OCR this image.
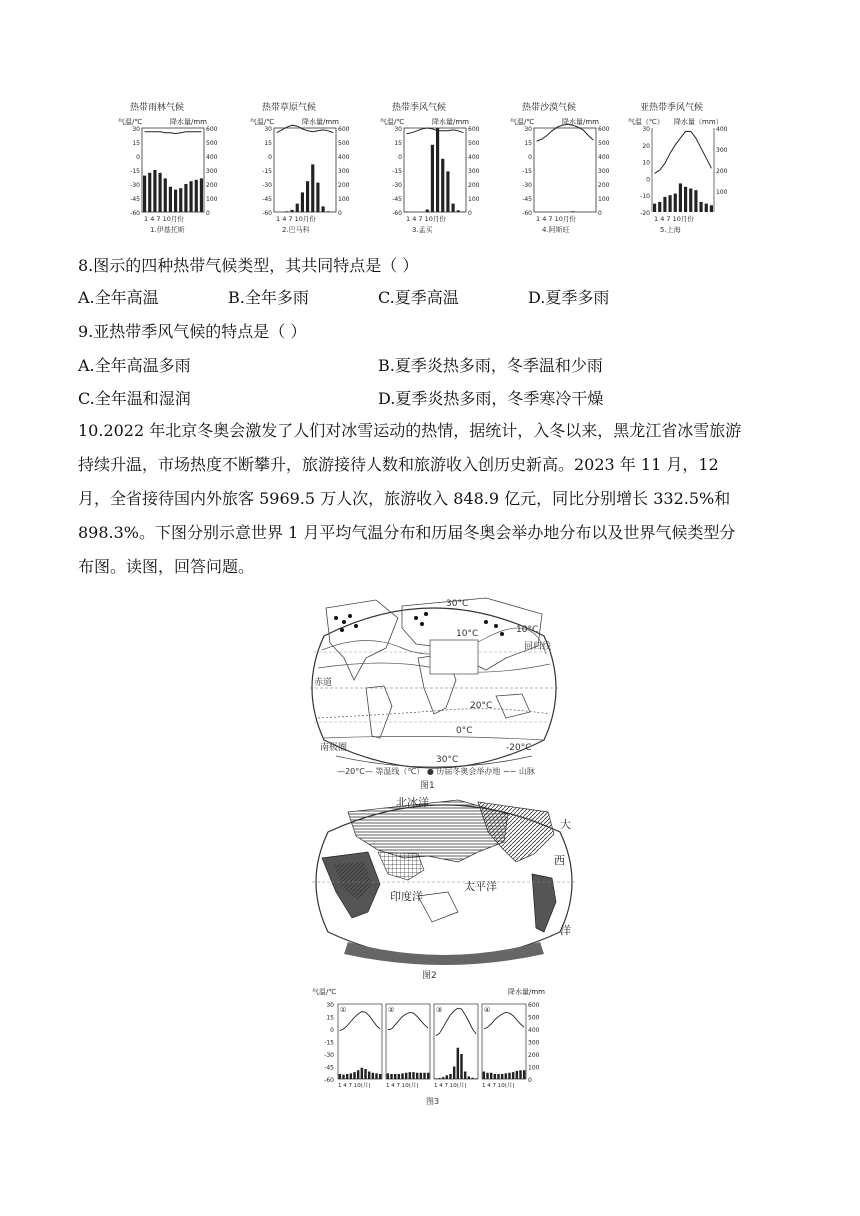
热带雨林气候
气温/℃	降水量/mm
30
15
0
-15
-30
-45
-60
600
500
400
300
200
100
0
1 4 7 10月份
1.伊基托斯
热带草原气候
气温/℃	降水量/mm
30
15
0
-15
-30
-45
-60
600
500
400
300
200
100
0
1 4 7 10月份
2.巴马科
热带季风气候
气温/℃	降水量/mm
30
15
0
-15
-30
-45
-60
600
500
400
300
200
100
0
1 4 7 10月份
3.孟买
热带沙漠气候
气温/℃	降水量/mm
30
15
0
-15
-30
-45
-60
600
500
400
300
200
100
0
1 4 7 10月份
4.阿斯旺
亚热带季风气候
气温（℃） 降水量（mm）
30
20
10
0
-10
-20
400
300
200
100
1 4 7 10月份
5.上海
8.图示的四种热带气候类型，其共同特点是（ ）
A.全年高温	B.全年多雨	C.夏季高温	D.夏季多雨
9.亚热带季风气候的特点是（ ）
A.全年高温多雨	B.夏季炎热多雨，冬季温和少雨
C.全年温和湿润	D.夏季炎热多雨，冬季寒冷干燥

10.2022 年北京冬奥会激发了人们对冰雪运动的热情，据统计，入冬以来，黑龙江省冰雪旅游

持续升温，市场热度不断攀升，旅游接待人数和旅游收入创历史新高。2023 年 11 月，12

月，全省接待国内外旅客 5969.5 万人次，旅游收入 848.9 亿元，同比分别增长 332.5%和

898.3%。下图分别示意世界 1 月平均气温分布和历届冬奥会举办地分布以及世界气候类型分

布图。读图，回答问题。

30°C
10°C	10°C
赤道
回归线
20°C
0°C
南极圈	-20°C
30°C
—20°C— 等温线（℃） ● 历届冬奥会举办地 ∽∽ 山脉
图1
北冰洋
大
西
洋
印度洋
太平洋
图2
气温/℃	降水量/mm
30
15
0
-15
-30
-45
-60
600
500
400
300
200
100
0
①
1 4 7 10(月)
②
1 4 7 10(月)
③
1 4 7 10(月)
④
1 4 7 10(月)
图3
